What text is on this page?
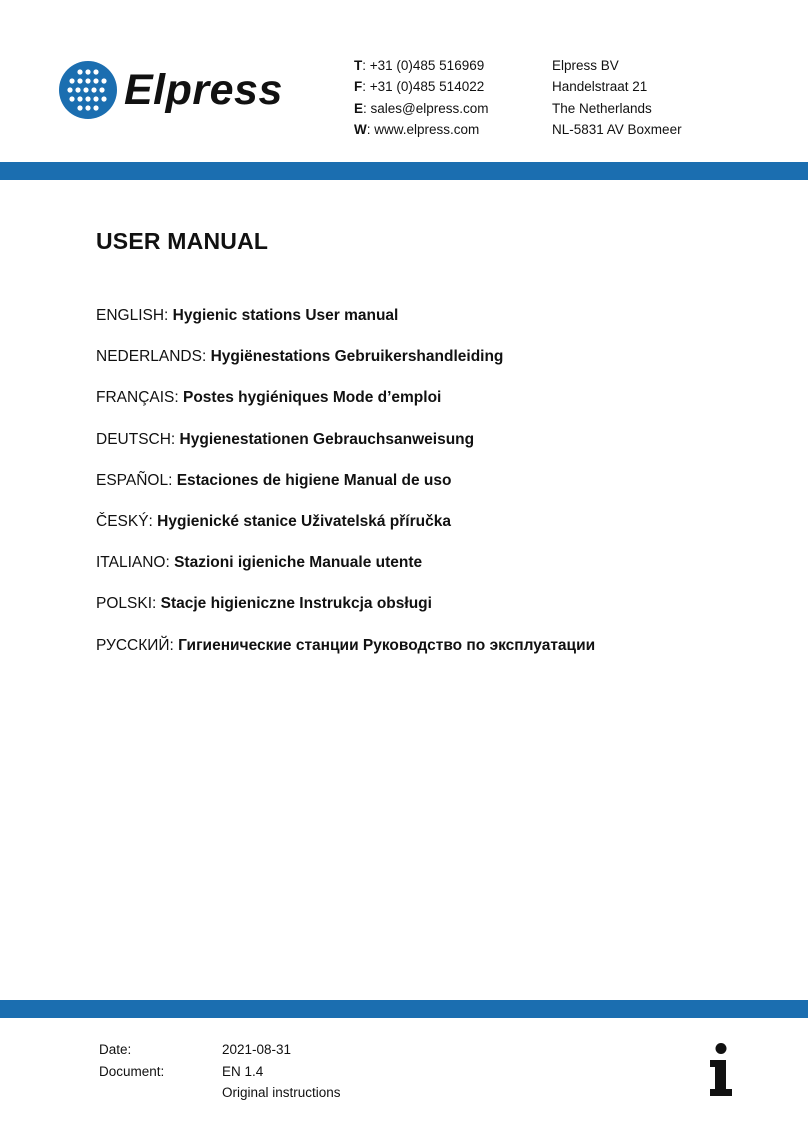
Elpress
T: +31 (0)485 516969
F: +31 (0)485 514022
E: sales@elpress.com
W: www.elpress.com
Elpress BV
Handelstraat 21
The Netherlands
NL-5831 AV Boxmeer
USER MANUAL
ENGLISH: Hygienic stations User manual
NEDERLANDS: Hygiënestations Gebruikershandleiding
FRANÇAIS: Postes hygiéniques Mode d’emploi
DEUTSCH: Hygienestationen Gebrauchsanweisung
ESPAÑOL: Estaciones de higiene Manual de uso
ČESKÝ: Hygienické stanice Uživatelská příručka
ITALIANO: Stazioni igieniche Manuale utente
POLSKI: Stacje higieniczne Instrukcja obsługi
РУССКИЙ: Гигиенические станции Руководство по эксплуатации
Date:	2021-08-31
Document:	EN 1.4
Original instructions
